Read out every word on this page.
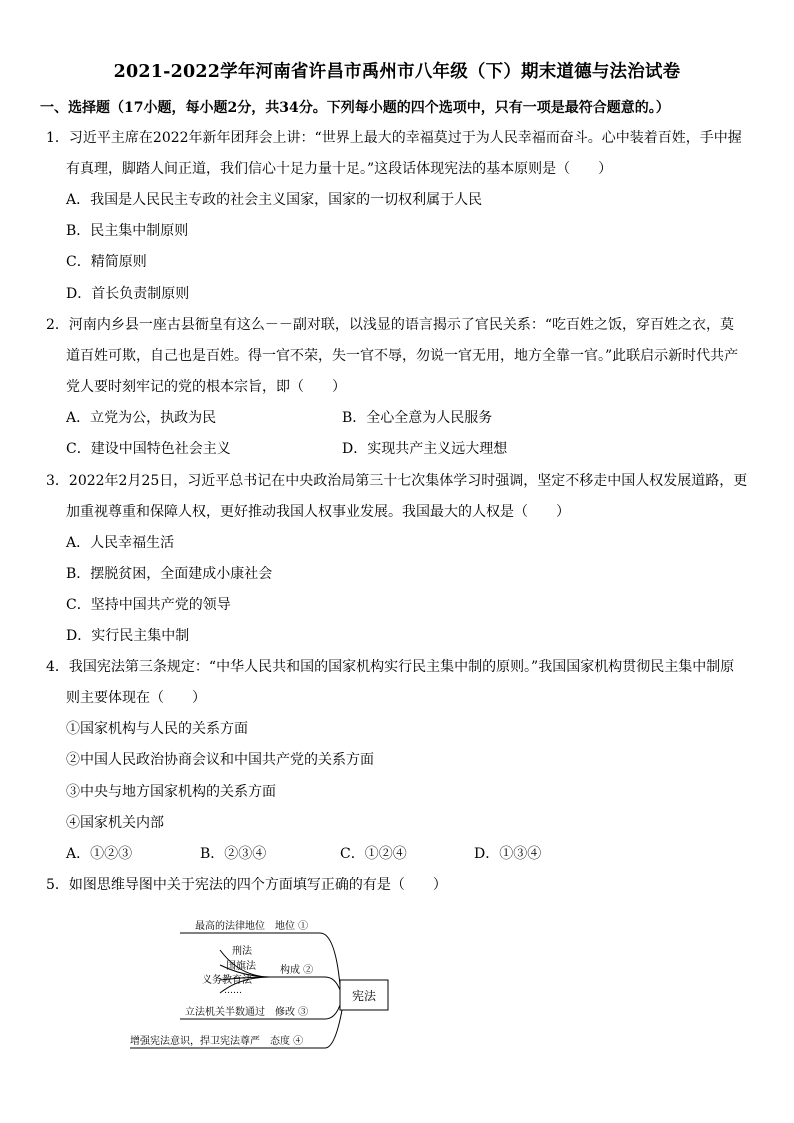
2021-2022学年河南省许昌市禹州市八年级（下）期末道德与法治试卷
一、选择题（17小题，每小题2分，共34分。下列每小题的四个选项中，只有一项是最符合题意的。）
1．习近平主席在2022年新年团拜会上讲：“世界上最大的幸福莫过于为人民幸福而奋斗。心中装着百姓，手中握
有真理，脚踏人间正道，我们信心十足力量十足。”这段话体现宪法的基本原则是（　　）
A．我国是人民民主专政的社会主义国家，国家的一切权利属于人民
B．民主集中制原则
C．精简原则
D．首长负责制原则
2．河南内乡县一座古县衙皇有这么－－副对联，以浅显的语言揭示了官民关系：“吃百姓之饭，穿百姓之衣，莫
道百姓可欺，自己也是百姓。得一官不荣，失一官不辱，勿说一官无用，地方全靠一官。”此联启示新时代共产
党人要时刻牢记的党的根本宗旨，即（　　）
A．立党为公，执政为民	B．全心全意为人民服务
C．建设中国特色社会主义	D．实现共产主义远大理想
3．2022年2月25日，习近平总书记在中央政治局第三十七次集体学习时强调，坚定不移走中国人权发展道路，更
加重视尊重和保障人权，更好推动我国人权事业发展。我国最大的人权是（　　）
A．人民幸福生活
B．摆脱贫困，全面建成小康社会
C．坚持中国共产党的领导
D．实行民主集中制
4．我国宪法第三条规定：“中华人民共和国的国家机构实行民主集中制的原则。”我国国家机构贯彻民主集中制原
则主要体现在（　　）
①国家机构与人民的关系方面
②中国人民政治协商会议和中国共产党的关系方面
③中央与地方国家机构的关系方面
④国家机关内部
A．①②③	B．②③④	C．①②④	D．①③④
5．如图思维导图中关于宪法的四个方面填写正确的有是（　　）
宪法
最高的法律地位　地位 ①
构成 ②
刑法
国旗法
义务教育法
……
立法机关半数通过　修改 ③
增强宪法意识，捍卫宪法尊严　态度 ④
